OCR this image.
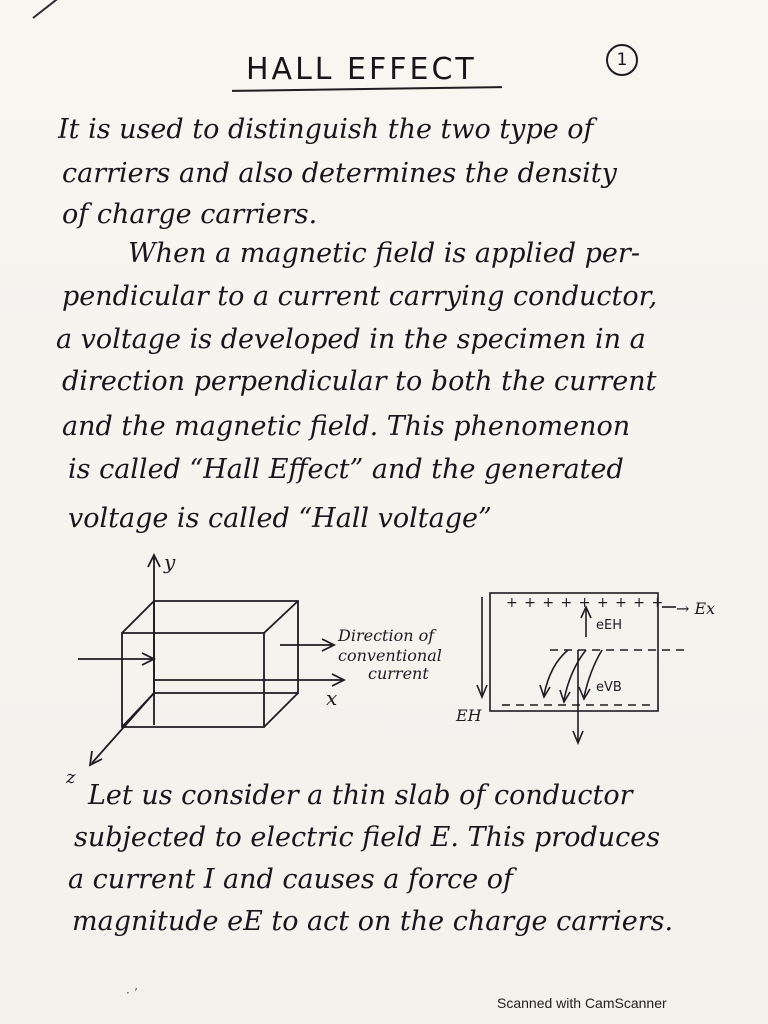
HALL EFFECT	1
It is used to distinguish the two type of
carriers and also determines the density
of charge carriers.
When a magnetic field is applied per-
pendicular to a current carrying conductor,
a voltage is developed in the specimen in a
direction perpendicular to both the current
and the magnetic field. This phenomenon
is called “Hall Effect” and the generated
voltage is called “Hall voltage”
y
x
z
Direction of
conventional
current
+ + + + + + + + + → Ex
eEH
eVB
EH
Let us consider a thin slab of conductor
subjected to electric field E. This produces
a current I and causes a force of
magnitude eE to act on the charge carriers.
· ʼ
Scanned with CamScanner
